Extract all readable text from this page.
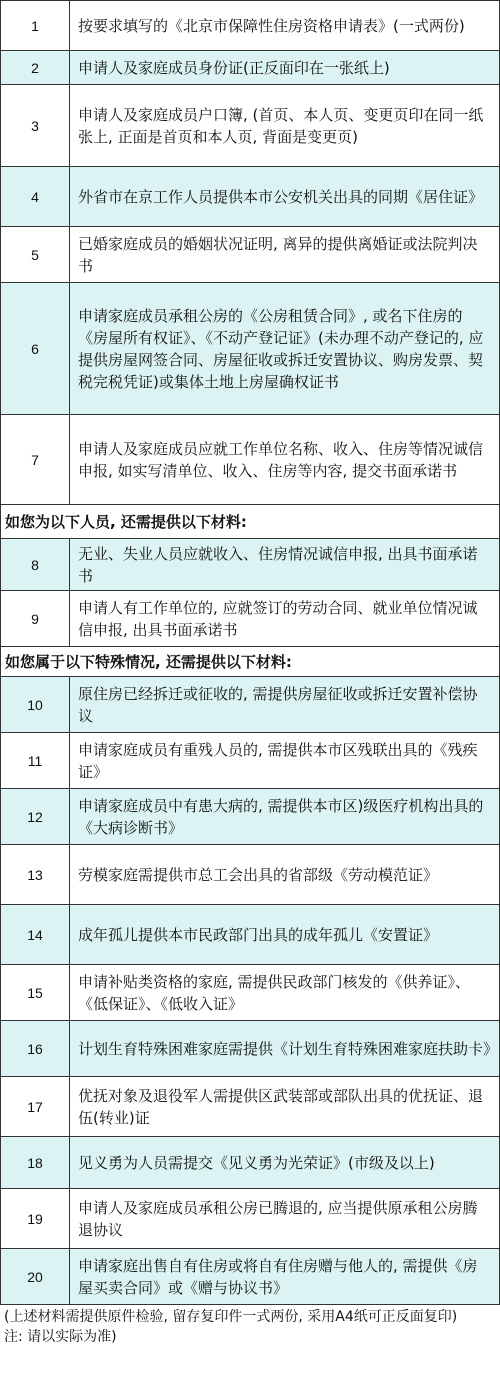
1	按要求填写的《北京市保障性住房资格申请表》(一式两份)
2	申请人及家庭成员身份证(正反面印在一张纸上)
3	申请人及家庭成员户口簿, (首页、本人页、变更页印在同一纸张上, 正面是首页和本人页, 背面是变更页)
4	外省市在京工作人员提供本市公安机关出具的同期《居住证》
5	已婚家庭成员的婚姻状况证明, 离异的提供离婚证或法院判决书
6	申请家庭成员承租公房的《公房租赁合同》, 或名下住房的《房屋所有权证》、《不动产登记证》(未办理不动产登记的, 应提供房屋网签合同、房屋征收或拆迁安置协议、购房发票、契税完税凭证)或集体土地上房屋确权证书
7	申请人及家庭成员应就工作单位名称、收入、住房等情况诚信申报, 如实写清单位、收入、住房等内容, 提交书面承诺书
如您为以下人员, 还需提供以下材料:	
8	无业、失业人员应就收入、住房情况诚信申报, 出具书面承诺书
9	申请人有工作单位的, 应就签订的劳动合同、就业单位情况诚信申报, 出具书面承诺书
如您属于以下特殊情况, 还需提供以下材料:	
10	原住房已经拆迁或征收的, 需提供房屋征收或拆迁安置补偿协议
11	申请家庭成员有重残人员的, 需提供本市区残联出具的《残疾证》
12	申请家庭成员中有患大病的, 需提供本市区)级医疗机构出具的《大病诊断书》
13	劳模家庭需提供市总工会出具的省部级《劳动模范证》
14	成年孤儿提供本市民政部门出具的成年孤儿《安置证》
15	申请补贴类资格的家庭, 需提供民政部门核发的《供养证》、《低保证》、《低收入证》
16	计划生育特殊困难家庭需提供《计划生育特殊困难家庭扶助卡》
17	优抚对象及退役军人需提供区武装部或部队出具的优抚证、退伍(转业)证
18	见义勇为人员需提交《见义勇为光荣证》(市级及以上)
19	申请人及家庭成员承租公房已腾退的, 应当提供原承租公房腾退协议
20	申请家庭出售自有住房或将自有住房赠与他人的, 需提供《房屋买卖合同》或《赠与协议书》
(上述材料需提供原件检验, 留存复印件一式两份, 采用A4纸可正反面复印)
注: 请以实际为准)
